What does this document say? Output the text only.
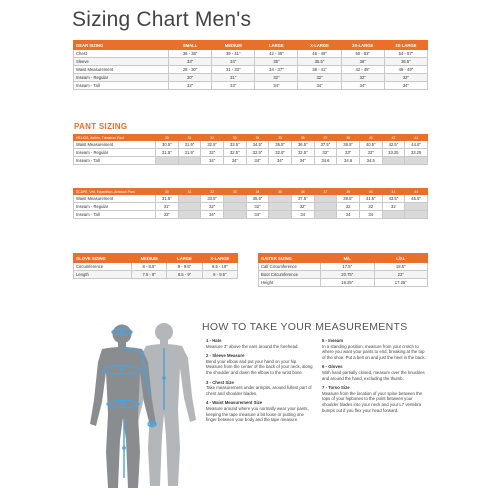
Sizing Chart Men's
GEAR SIZING	SMALL	MEDIUM	LARGE	X-LARGE	2X-LARGE	3X-LARGE
Chest	36 - 38"	39 - 41"	42 - 45"	46 - 49"	50 - 53"	54 - 57"
Sleeve	33"	34"	35"	35.5"	36"	36.5"
Waist Measurement	28 - 30"	31 - 33"	34 - 37"	38 - 41"	42 - 45"	46 - 49"
Inseam - Regular	30"	31"	32"	32"	32"	32"
Inseam - Tall	32"	33"	34"	34"	34"	34"
PANT SIZING
HELIOS, Aether, Trimatrax Pant	30	31	32	33	34	35	36	37	38	40	42	44
Waist Measurement	30.5"	31.5"	32.5"	33.5"	34.5"	35.5"	36.5"	37.5"	38.5"	40.5"	42.5"	44.5"
Inseam - Regular	31.5"	31.5"	32"	32.5"	32.5"	32.5"	32.5"	33"	33"	33"	33.25	33.25
Inseam - Tall			34"	34"	34"	34"	34"	34.6	34.6	34.5		
SCAPE, Veil, Expedition, Ambush Pant	30	31	32	33	34	35	36	37	38	40	42	44
Waist Measurement	31.5"		33.5"		35.5"		37.5"		39.5"	41.5"	43.5"	45.5"
Inseam - Regular	31"		32"		32"		32"		32	32	32	
Inseam - Tall	33"		34"		34"		34		34	34		
GLOVE SIZING	MEDIUM	LARGE	X-LARGE
Circumference	8 - 8.5"	9 - 9.5"	9.5 - 10"
Length	7.5 - 8"	8.5 - 9"	9 - 9.5"
GAITER SIZING	M/L	L/XL
Calf Circumference	17.5"	18.5"
Boot Circumference	20.75"	22"
Height	16.25"	17.25"
HOW TO TAKE YOUR MEASUREMENTS
1 - Hats
Measure 3" above the ears around the forehead.
2 - Sleeve Measure
Bend your elbow and put your hand on your hip. Measure from the center of the back of your neck, along the shoulder and down the elbow to the wrist bone.
3 - Chest Size
Take measurement under armpits, around fullest part of chest and shoulder blades.
4 - Waist Measurement Size
Measure around where you normally wear your pants, keeping the tape measure a bit loose or putting one finger between your body and the tape measure.
5 - Inseam
In a standing position, measure from your crotch to where you want your pants to end, breaking at the top of the shoe. Put a belt on and just the heel in the back.
6 - Gloves
With hand partially closed, measure over the knuckles and around the hand, excluding the thumb.
7 - Torso Size
Measure from the location of your spine between the tops of your hipbones to the point between your shoulder blades into your neck and your L7 vertebra bumps out if you flex your head forward.
